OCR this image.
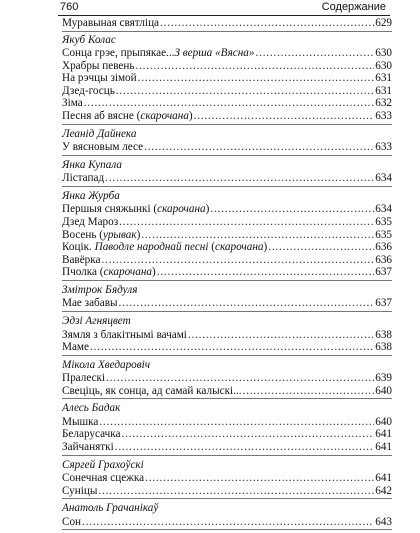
760	Содержание
Муравыная святліца . . .	629
Якуб Колас
Сонца грэе, прыпякае...З верша «Вясна» . . .	630
Храбры певень . . .	630
На рэчцы зімой . . .	631
Дзед-госць . . .	631
Зіма . . .	632
Песня аб вясне (скарочана) . . .	633
Леанід Дайнека
У вясновым лесе . . .	633
Янка Купала
Лістапад . . .	634
Янка Журба
Першыя сняжынкі (скарочана) . . .	634
Дзед Мароз . . .	635
Восень (урывак) . . .	635
Коцік. Паводле народнай песні (скарочана) . . .	636
Вавёрка . . .	636
Пчолка (скарочана) . . .	637
Змітрок Бядуля
Мае забавы . . .	637
Эдзі Агняцвет
Зямля з блакітнымі вачамі . . .	638
Маме . . .	638
Мікола Хведаровіч
Пралескі . . .	639
Свеціць, як сонца, ад самай калыскі... . . .	640
Алесь Бадак
Мышка . . .	640
Беларусачка . . .	641
Зайчаняткі . . .	641
Сяргей Грахоўскі
Сонечная сцежка . . .	641
Суніцы . . .	642
Анатоль Грачанікаў
Сон . . .	643
